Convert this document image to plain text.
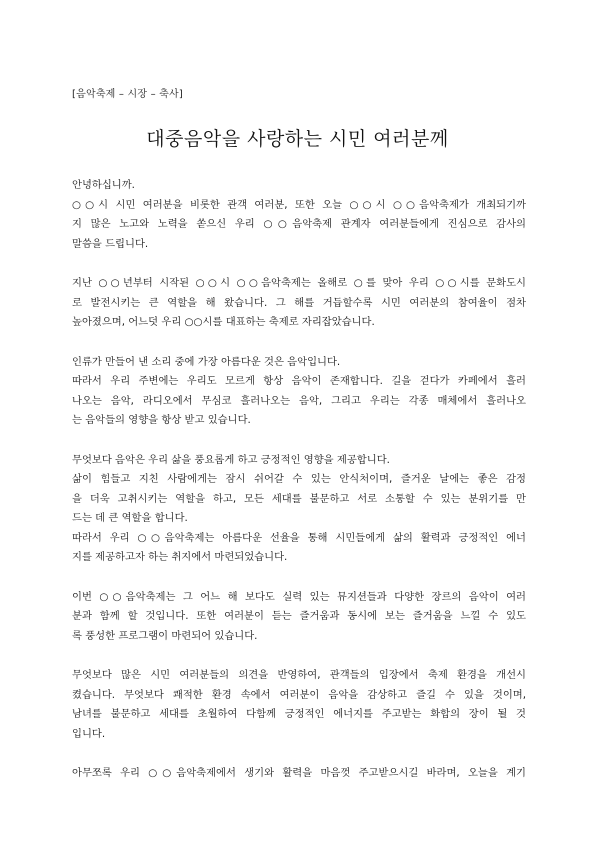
[음악축제 – 시장 – 축사]
대중음악을 사랑하는 시민 여러분께
안녕하십니까.
○○시 시민 여러분을 비롯한 관객 여러분, 또한 오늘 ○○시 ○○음악축제가 개최되기까
지 많은 노고와 노력을 쏟으신 우리 ○○음악축제 관계자 여러분들에게 진심으로 감사의
말씀을 드립니다.
지난 ○○년부터 시작된 ○○시 ○○음악축제는 올해로 ○를 맞아 우리 ○○시를 문화도시
로 발전시키는 큰 역할을 해 왔습니다. 그 해를 거듭할수록 시민 여러분의 참여율이 점차
높아졌으며, 어느덧 우리 ○○시를 대표하는 축제로 자리잡았습니다.
인류가 만들어 낸 소리 중에 가장 아름다운 것은 음악입니다.
따라서 우리 주변에는 우리도 모르게 항상 음악이 존재합니다. 길을 걷다가 카페에서 흘러
나오는 음악, 라디오에서 무심코 흘러나오는 음악, 그리고 우리는 각종 매체에서 흘러나오
는 음악들의 영향을 항상 받고 있습니다.
무엇보다 음악은 우리 삶을 풍요롭게 하고 긍정적인 영향을 제공합니다.
삶이 힘들고 지친 사람에게는 잠시 쉬어갈 수 있는 안식처이며, 즐거운 날에는 좋은 감정
을 더욱 고취시키는 역할을 하고, 모든 세대를 불문하고 서로 소통할 수 있는 분위기를 만
드는 데 큰 역할을 합니다.
따라서 우리 ○○음악축제는 아름다운 선율을 통해 시민들에게 삶의 활력과 긍정적인 에너
지를 제공하고자 하는 취지에서 마련되었습니다.
이번 ○○음악축제는 그 어느 해 보다도 실력 있는 뮤지션들과 다양한 장르의 음악이 여러
분과 함께 할 것입니다. 또한 여러분이 듣는 즐거움과 동시에 보는 즐거움을 느낄 수 있도
록 풍성한 프로그램이 마련되어 있습니다.
무엇보다 많은 시민 여러분들의 의견을 반영하여, 관객들의 입장에서 축제 환경을 개선시
켰습니다. 무엇보다 쾌적한 환경 속에서 여러분이 음악을 감상하고 즐길 수 있을 것이며,
남녀를 불문하고 세대를 초월하여 다함께 긍정적인 에너지를 주고받는 화합의 장이 될 것
입니다.
아무쪼록 우리 ○○음악축제에서 생기와 활력을 마음껏 주고받으시길 바라며, 오늘을 계기
